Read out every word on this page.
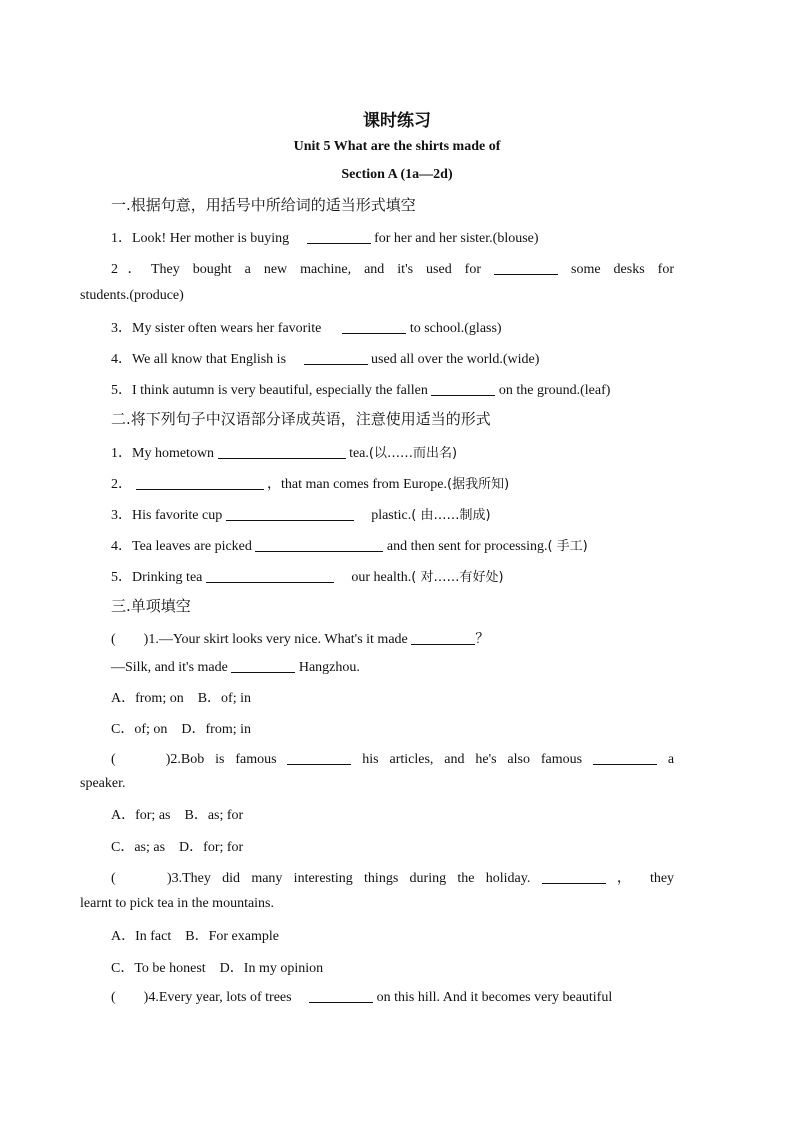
课时练习
Unit 5 What are the shirts made of
Section A (1a—2d)
一.根据句意，用括号中所给词的适当形式填空
1．Look! Her mother is buying	for her and her sister.(blouse)
2．They bought a new machine, and it's used for	some desks for
students.(produce)
3．My sister often wears her favorite	to school.(glass)
4．We all know that English is	used all over the world.(wide)
5．I think autumn is very beautiful, especially the fallen	on the ground.(leaf)
二.将下列句子中汉语部分译成英语，注意使用适当的形式
1．My hometown	tea.(以……而出名)
2．	，that man comes from Europe.(据我所知)
3．His favorite cup	plastic.( 由……制成)
4．Tea leaves are picked	and then sent for processing.( 手工)
5．Drinking tea	our health.( 对……有好处)
三.单项填空
(　　)1.—Your skirt looks very nice. What's it made	？
—Silk, and it's made	Hangzhou.
A．from; on　B．of; in
C．of; on　D．from; in
(　　)2.Bob is famous	his articles, and he's also famous	a
speaker.
A．for; as　B．as; for
C．as; as　D．for; for
(　　)3.They did many interesting things during the holiday.	， they
learnt to pick tea in the mountains.
A．In fact　B．For example
C．To be honest　D．In my opinion
(　　)4.Every year, lots of trees	on this hill. And it becomes very beautiful
